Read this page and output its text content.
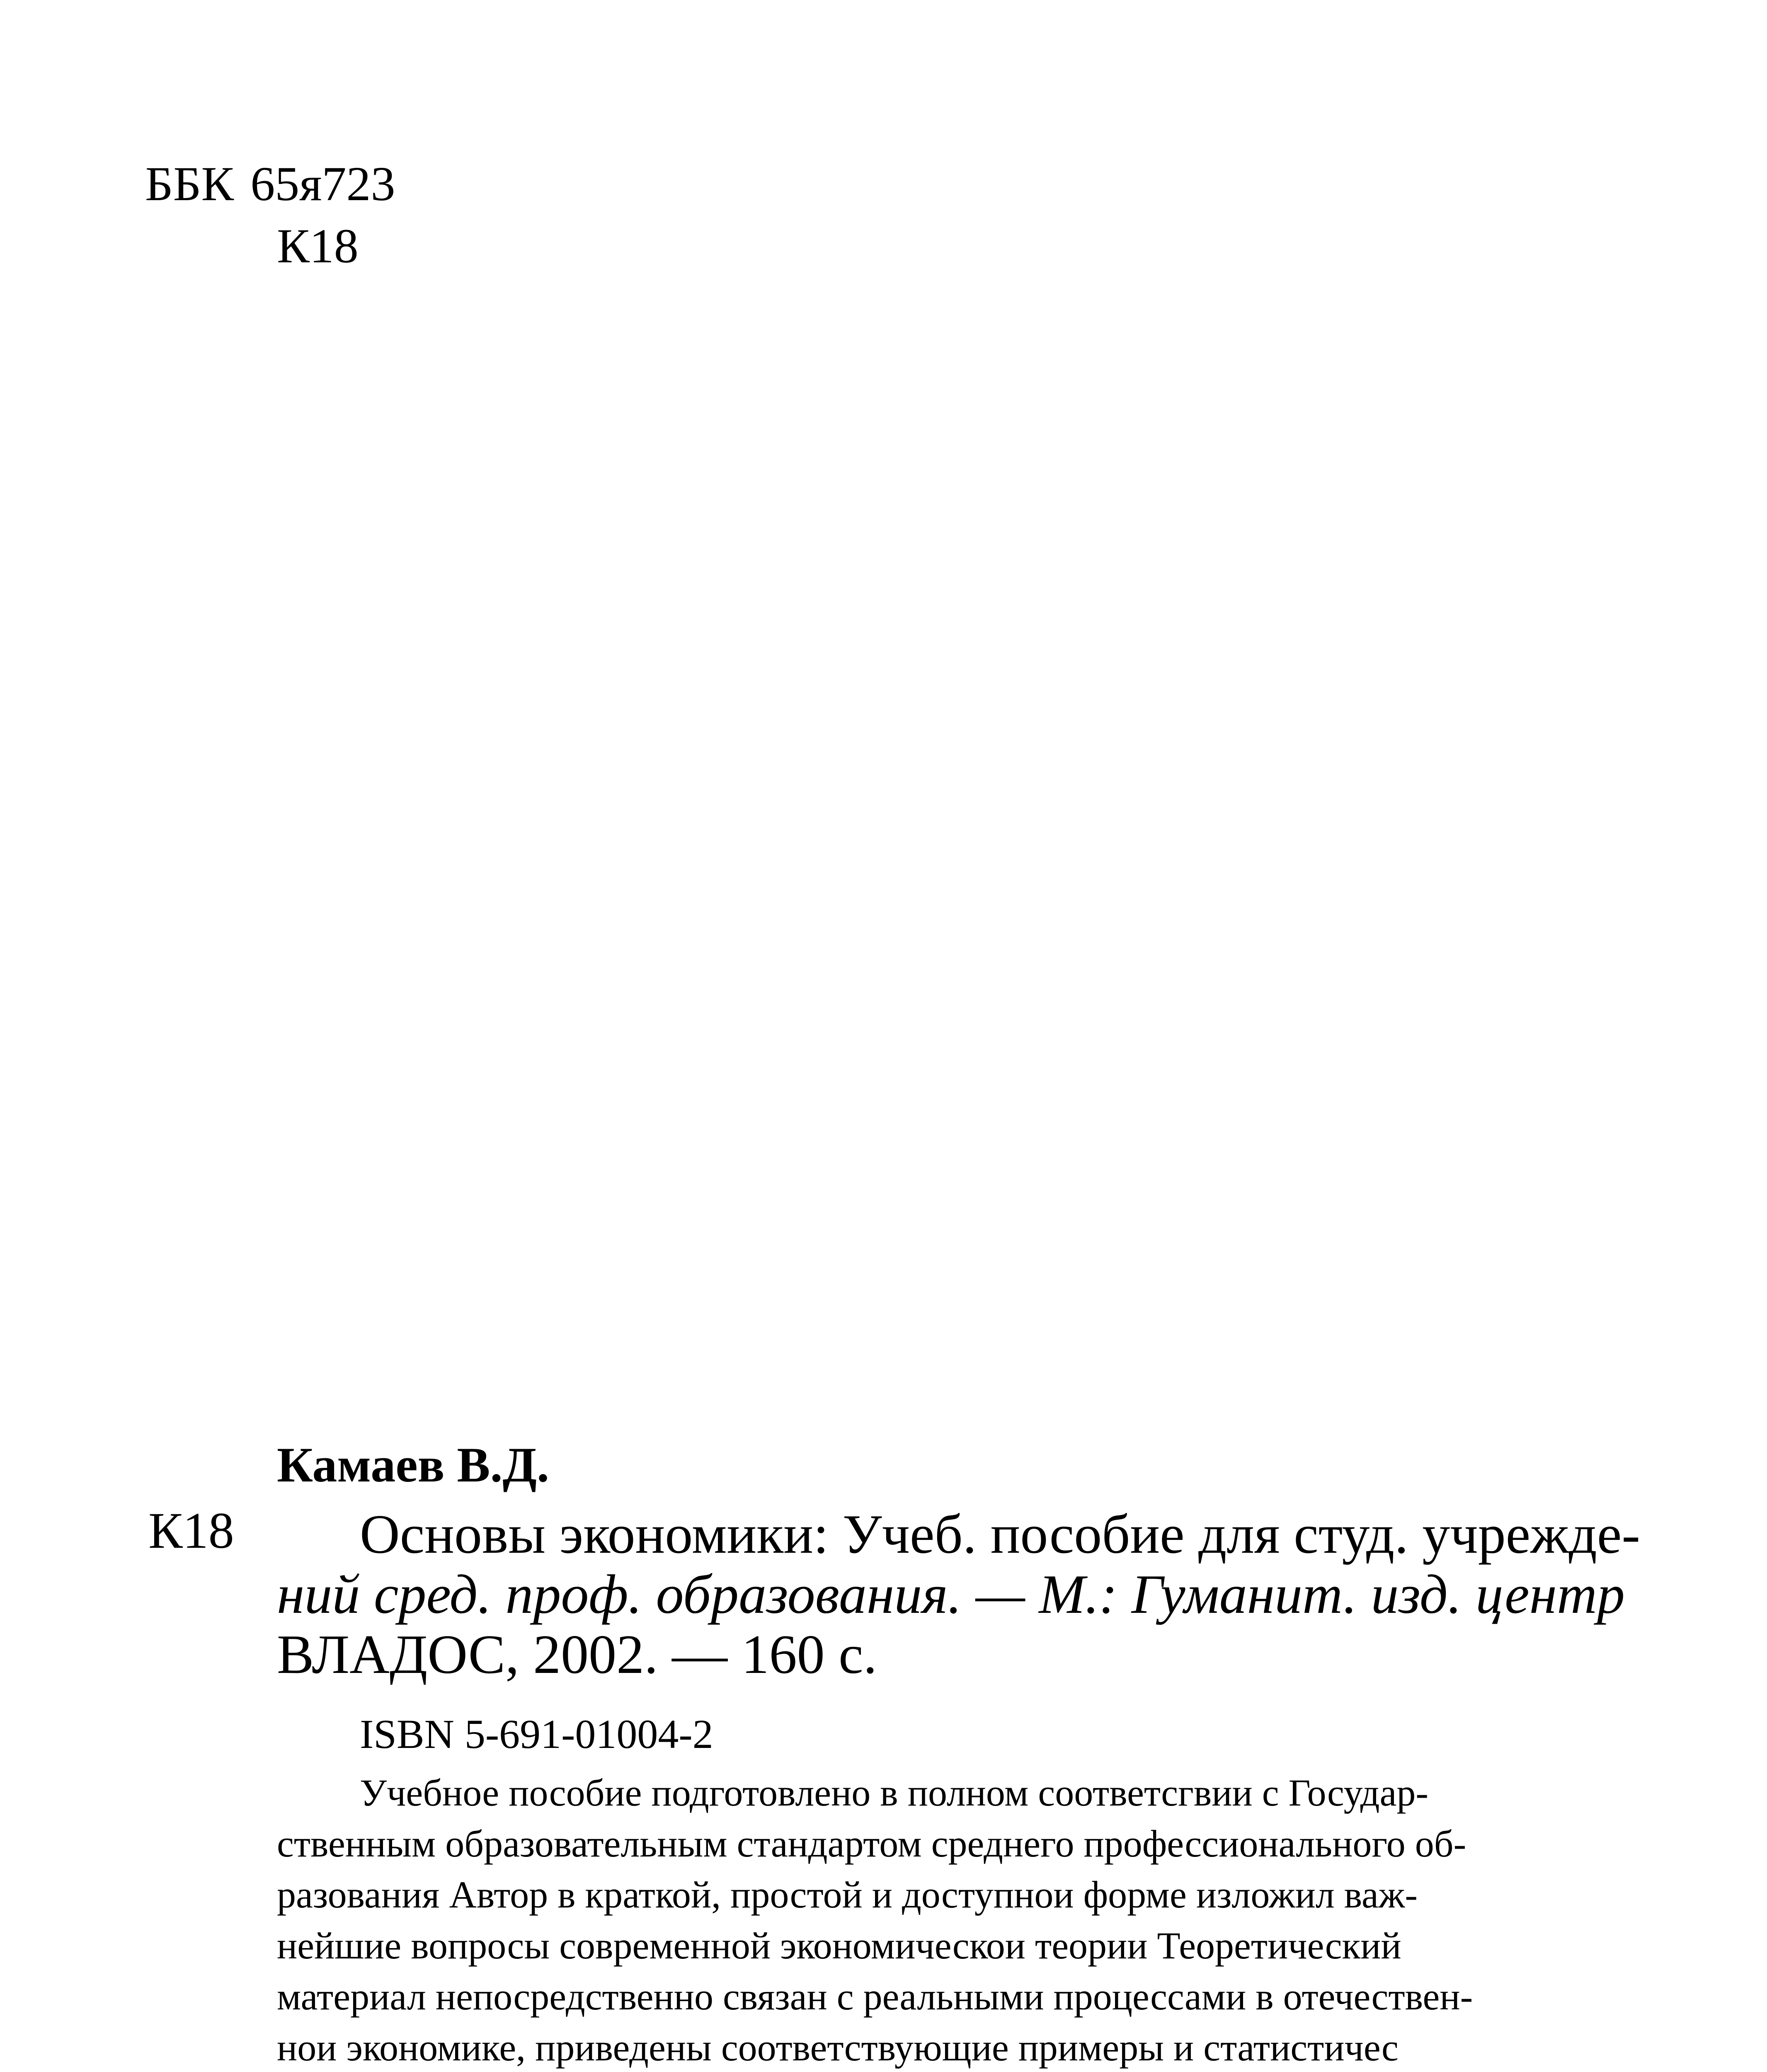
ББК 65я723
К18
Камаев В.Д.
К18 Основы экономики: Учеб. пособие для студ. учрежде-
ний сред. проф. образования. — М.: Гуманит. изд. центр
ВЛАДОС, 2002. — 160 с.
ISBN 5-691-01004-2

Учебное пособие подготовлено в полном соответсгвии с Государ-
ственным образовательным стандартом среднего профессионального об-
разования Автор в краткой, простой и доступнои форме изложил важ-
нейшие вопросы современной экономическои теории Теоретический
материал непосредственно связан с реальными процессами в отечествен-
нои экономике, приведены соответствующие примеры и статистичес
